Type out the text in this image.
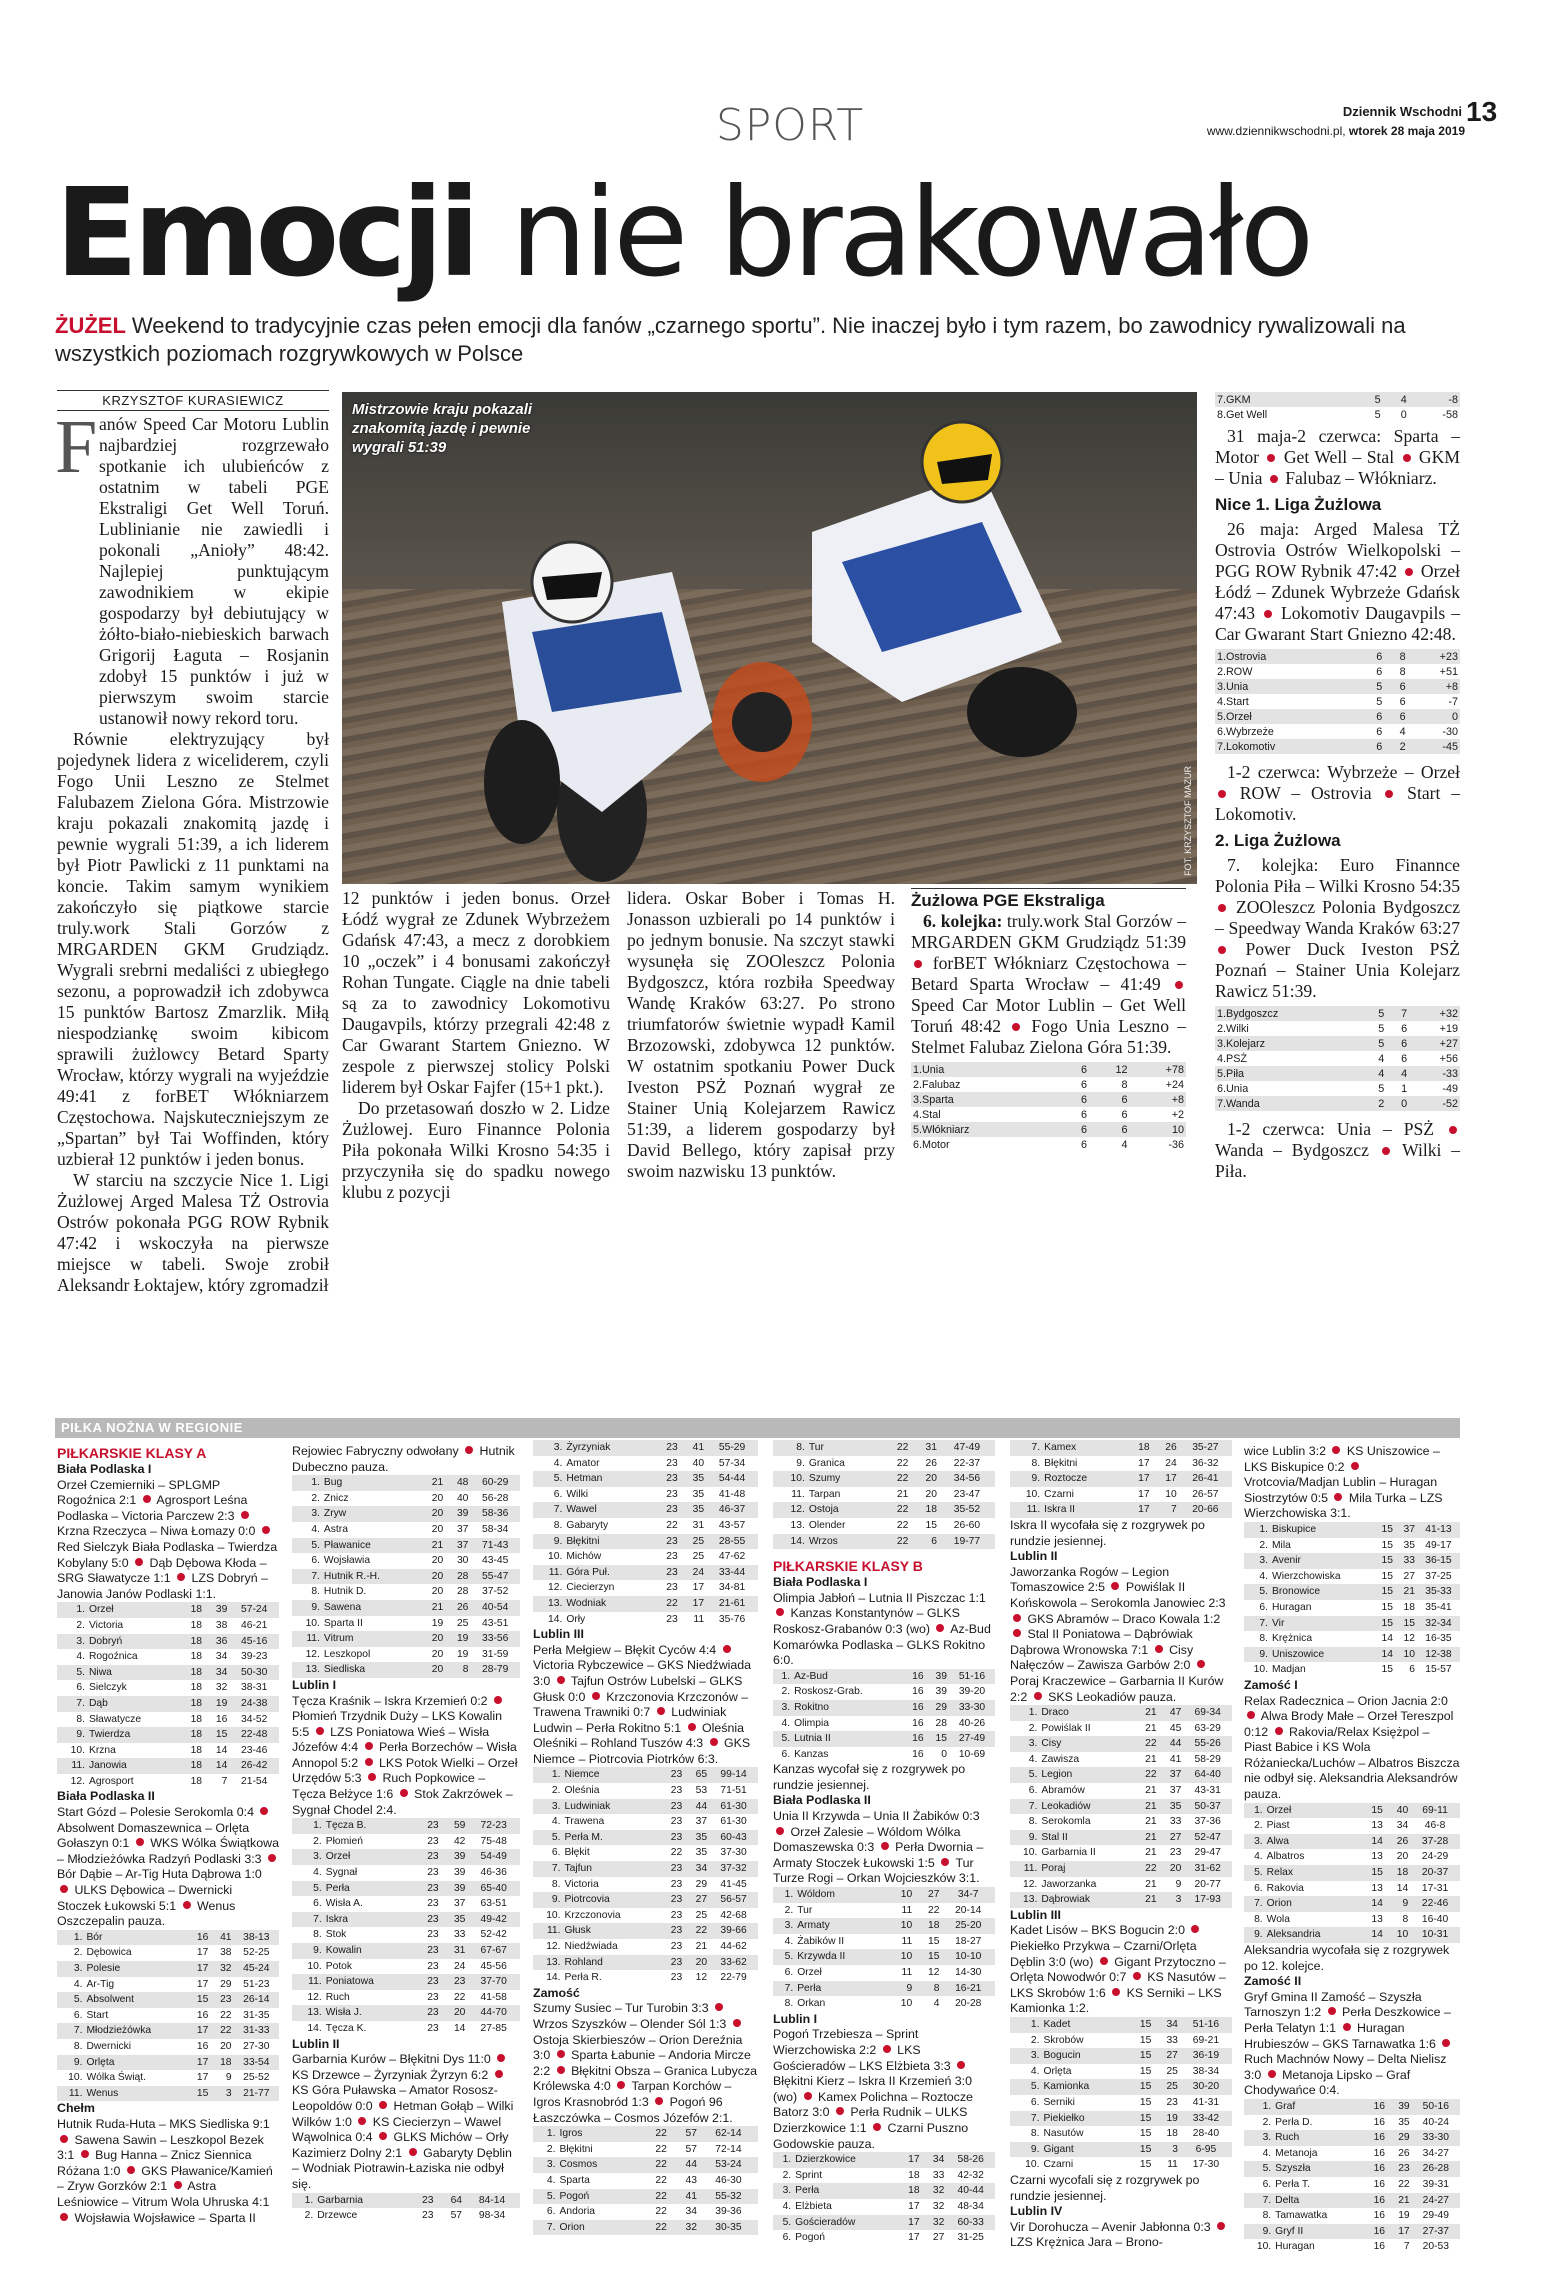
SPORT	Dziennik Wschodni 13
www.dziennikwschodni.pl, wtorek 28 maja 2019
Emocji nie brakowało
ŻUŻEL Weekend to tradycyjnie czas pełen emocji dla fanów „czarnego sportu”. Nie inaczej było i tym razem, bo zawodnicy rywalizowali na wszystkich poziomach rozgrywkowych w Polsce
KRZYSZTOF KURASIEWICZ
F anów Speed Car Motoru Lublin najbardziej rozgrzewało spotkanie ich ulubieńców z ostatnim w tabeli PGE Ekstraligi Get Well Toruń. Lublinianie nie zawiedli i pokonali „Anioły” 48:42. Najlepiej punktującym zawodnikiem w ekipie gospodarzy był debiutujący w żółto-biało-niebieskich barwach Grigorij Łaguta – Rosjanin zdobył 15 punktów i już w pierwszym swoim starcie ustanowił nowy rekord toru.

Równie elektryzujący był pojedynek lidera z wiceliderem, czyli Fogo Unii Leszno ze Stelmet Falubazem Zielona Góra. Mistrzowie kraju pokazali znakomitą jazdę i pewnie wygrali 51:39, a ich liderem był Piotr Pawlicki z 11 punktami na koncie. Takim samym wynikiem zakończyło się piątkowe starcie truly.work Stali Gorzów z MRGARDEN GKM Grudziądz. Wygrali srebrni medaliści z ubiegłego sezonu, a poprowadził ich zdobywca 15 punktów Bartosz Zmarzlik. Miłą niespodziankę swoim kibicom sprawili żużlowcy Betard Sparty Wrocław, którzy wygrali na wyjeździe 49:41 z forBET Włókniarzem Częstochowa. Najskuteczniejszym ze „Spartan” był Tai Woffinden, który uzbierał 12 punktów i jeden bonus.

W starciu na szczycie Nice 1. Ligi Żużlowej Arged Malesa TŻ Ostrovia Ostrów pokonała PGG ROW Rybnik 47:42 i wskoczyła na pierwsze miejsce w tabeli. Swoje zrobił Aleksandr Łoktajew, który zgromadził

Mistrzowie kraju pokazali znakomitą jazdę i pewnie wygrali 51:39
FOT. KRZYSZTOF MAZUR

12 punktów i jeden bonus. Orzeł Łódź wygrał ze Zdunek Wybrzeżem Gdańsk 47:43, a mecz z dorobkiem 10 „oczek” i 4 bonusami zakończył Rohan Tungate. Ciągle na dnie tabeli są za to zawodnicy Lokomotivu Daugavpils, którzy przegrali 42:48 z Car Gwarant Startem Gniezno. W zespole z pierwszej stolicy Polski liderem był Oskar Fajfer (15+1 pkt.).

Do przetasowań doszło w 2. Lidze Żużlowej. Euro Finannce Polonia Piła pokonała Wilki Krosno 54:35 i przyczyniła się do spadku nowego klubu z pozycji

lidera. Oskar Bober i Tomas H. Jonasson uzbierali po 14 punktów i po jednym bonusie. Na szczyt stawki wysunęła się ZOOleszcz Polonia Bydgoszcz, która rozbiła Speedway Wandę Kraków 63:27. Po strono triumfatorów świetnie wypadł Kamil Brzozowski, zdobywca 12 punktów. W ostatnim spotkaniu Power Duck Iveston PSŻ Poznań wygrał ze Stainer Unią Kolejarzem Rawicz 51:39, a liderem gospodarzy był David Bellego, który zapisał przy swoim nazwisku 13 punktów.

Żużlowa PGE Ekstraliga
6. kolejka: truly.work Stal Gorzów – MRGARDEN GKM Grudziądz 51:39  forBET Włókniarz Częstochowa – Betard Sparta Wrocław – 41:49  Speed Car Motor Lublin – Get Well Toruń 48:42  Fogo Unia Leszno – Stelmet Falubaz Zielona Góra 51:39.
1.Unia	6	12	+78
2.Falubaz	6	8	+24
3.Sparta	6	6	+8
4.Stal	6	6	+2
5.Włókniarz	6	6	10
6.Motor	6	4	-36
7.GKM	5	4	-8
8.Get Well	5	0	-58
31 maja-2 czerwca: Sparta – Motor  Get Well – Stal  GKM – Unia  Falubaz – Włókniarz.
Nice 1. Liga Żużlowa
26 maja: Arged Malesa TŻ Ostrovia Ostrów Wielkopolski – PGG ROW Rybnik 47:42  Orzeł Łódź – Zdunek Wybrzeże Gdańsk 47:43  Lokomotiv Daugavpils – Car Gwarant Start Gniezno 42:48.
1.Ostrovia	6	8	+23
2.ROW	6	8	+51
3.Unia	5	6	+8
4.Start	5	6	-7
5.Orzeł	6	6	0
6.Wybrzeże	6	4	-30
7.Lokomotiv	6	2	-45
1-2 czerwca: Wybrzeże – Orzeł  ROW – Ostrovia  Start – Lokomotiv.
2. Liga Żużlowa
7. kolejka: Euro Finannce Polonia Piła – Wilki Krosno 54:35  ZOOleszcz Polonia Bydgoszcz – Speedway Wanda Kraków 63:27  Power Duck Iveston PSŻ Poznań – Stainer Unia Kolejarz Rawicz 51:39.
1.Bydgoszcz	5	7	+32
2.Wilki	5	6	+19
3.Kolejarz	5	6	+27
4.PSŻ	4	6	+56
5.Piła	4	4	-33
6.Unia	5	1	-49
7.Wanda	2	0	-52
1-2 czerwca: Unia – PSŻ  Wanda – Bydgoszcz  Wilki – Piła.
PIŁKA NOŻNA W REGIONIE
PIŁKARSKIE KLASY A
Biała Podlaska I
Orzeł Czemierniki – SPLGMP Rogoźnica 2:1  Agrosport Leśna Podlaska – Victoria Parczew 2:3  Krzna Rzeczyca – Niwa Łomazy 0:0  Red Sielczyk Biała Podlaska – Twierdza Kobylany 5:0  Dąb Dębowa Kłoda – SRG Sławatycze 1:1  LZS Dobryń – Janowia Janów Podlaski 1:1.
1.	Orzeł	18	39	57-24
2.	Victoria	18	38	46-21
3.	Dobryń	18	36	45-16
4.	Rogoźnica	18	34	39-23
5.	Niwa	18	34	50-30
6.	Sielczyk	18	32	38-31
7.	Dąb	18	19	24-38
8.	Sławatycze	18	16	34-52
9.	Twierdza	18	15	22-48
10.	Krzna	18	14	23-46
11.	Janowia	18	14	26-42
12.	Agrosport	18	7	21-54
Biała Podlaska II
Start Gózd – Polesie Serokomla 0:4  Absolwent Domaszewnica – Orlęta Gołaszyn 0:1  WKS Wólka Świątkowa – Młodzieżówka Radzyń Podlaski 3:3  Bór Dąbie – Ar-Tig Huta Dąbrowa 1:0  ULKS Dębowica – Dwernicki Stoczek Łukowski 5:1  Wenus Oszczepalin pauza.
1.	Bór	16	41	38-13
2.	Dębowica	17	38	52-25
3.	Polesie	17	32	45-24
4.	Ar-Tig	17	29	51-23
5.	Absolwent	15	23	26-14
6.	Start	16	22	31-35
7.	Młodzieżówka	17	22	31-33
8.	Dwernicki	16	20	27-30
9.	Orlęta	17	18	33-54
10.	Wólka Świąt.	17	9	25-52
11.	Wenus	15	3	21-77
Chełm
Hutnik Ruda-Huta – MKS Siedliska 9:1  Sawena Sawin – Leszkopol Bezek 3:1  Bug Hanna – Znicz Siennica Różana 1:0  GKS Pławanice/Kamień – Zryw Gorzków 2:1  Astra Leśniowice – Vitrum Wola Uhruska 4:1  Wojsławia Wojsławice – Sparta II
Rejowiec Fabryczny odwołany  Hutnik Dubeczno pauza.
1.	Bug	21	48	60-29
2.	Znicz	20	40	56-28
3.	Zryw	20	39	58-36
4.	Astra	20	37	58-34
5.	Pławanice	21	37	71-43
6.	Wojsławia	20	30	43-45
7.	Hutnik R.-H.	20	28	55-47
8.	Hutnik D.	20	28	37-52
9.	Sawena	21	26	40-54
10.	Sparta II	19	25	43-51
11.	Vitrum	20	19	33-56
12.	Leszkopol	20	19	31-59
13.	Siedliska	20	8	28-79
Lublin I
Tęcza Kraśnik – Iskra Krzemień 0:2  Płomień Trzydnik Duży – LKS Kowalin 5:5  LZS Poniatowa Wieś – Wisła Józefów 4:4  Perła Borzechów – Wisła Annopol 5:2  LKS Potok Wielki – Orzeł Urzędów 5:3  Ruch Popkowice – Tęcza Bełżyce 1:6  Stok Zakrzówek – Sygnał Chodel 2:4.
1.	Tęcza B.	23	59	72-23
2.	Płomień	23	42	75-48
3.	Orzeł	23	39	54-49
4.	Sygnał	23	39	46-36
5.	Perła	23	39	65-40
6.	Wisła A.	23	37	63-51
7.	Iskra	23	35	49-42
8.	Stok	23	33	52-42
9.	Kowalin	23	31	67-67
10.	Potok	23	24	45-56
11.	Poniatowa	23	23	37-70
12.	Ruch	23	22	41-58
13.	Wisła J.	23	20	44-70
14.	Tęcza K.	23	14	27-85
Lublin II
Garbarnia Kurów – Błękitni Dys 11:0  KS Drzewce – Żyrzyniak Żyrzyn 6:2  KS Góra Puławska – Amator Rososz-Leopoldów 0:0  Hetman Gołąb – Wilki Wilków 1:0  KS Ciecierzyn – Wawel Wąwolnica 0:4  GLKS Michów – Orły Kazimierz Dolny 2:1  Gabaryty Dęblin – Wodniak Piotrawin-Łaziska nie odbył się.
1.	Garbarnia	23	64	84-14
2.	Drzewce	23	57	98-34
3.	Żyrzyniak	23	41	55-29
4.	Amator	23	40	57-34
5.	Hetman	23	35	54-44
6.	Wilki	23	35	41-48
7.	Wawel	23	35	46-37
8.	Gabaryty	22	31	43-57
9.	Błękitni	23	25	28-55
10.	Michów	23	25	47-62
11.	Góra Puł.	23	24	33-44
12.	Ciecierzyn	23	17	34-81
13.	Wodniak	22	17	21-61
14.	Orły	23	11	35-76
Lublin III
Perła Mełgiew – Błękit Cyców 4:4  Victoria Rybczewice – GKS Niedźwiada 3:0  Tajfun Ostrów Lubelski – GLKS Głusk 0:0  Krzczonovia Krzczonów – Trawena Trawniki 0:7  Ludwiniak Ludwin – Perła Rokitno 5:1  Oleśnia Oleśniki – Rohland Tuszów 4:3  GKS Niemce – Piotrcovia Piotrków 6:3.
1.	Niemce	23	65	99-14
2.	Oleśnia	23	53	71-51
3.	Ludwiniak	23	44	61-30
4.	Trawena	23	37	61-30
5.	Perła M.	23	35	60-43
6.	Błękit	22	35	37-30
7.	Tajfun	23	34	37-32
8.	Victoria	23	29	41-45
9.	Piotrcovia	23	27	56-57
10.	Krzczonovia	23	25	42-68
11.	Głusk	23	22	39-66
12.	Niedźwiada	23	21	44-62
13.	Rohland	23	20	33-62
14.	Perła R.	23	12	22-79
Zamość
Szumy Susiec – Tur Turobin 3:3  Wrzos Szyszków – Olender Sól 1:3  Ostoja Skierbieszów – Orion Dereźnia 3:0  Sparta Łabunie – Andoria Mircze 2:2  Błękitni Obsza – Granica Lubycza Królewska 4:0  Tarpan Korchów – Igros Krasnobród 1:3  Pogoń 96 Łaszczówka – Cosmos Józefów 2:1.
1.	Igros	22	57	62-14
2.	Błękitni	22	57	72-14
3.	Cosmos	22	44	53-24
4.	Sparta	22	43	46-30
5.	Pogoń	22	41	55-32
6.	Andoria	22	34	39-36
7.	Orion	22	32	30-35
8.	Tur	22	31	47-49
9.	Granica	22	26	22-37
10.	Szumy	22	20	34-56
11.	Tarpan	21	20	23-47
12.	Ostoja	22	18	35-52
13.	Olender	22	15	26-60
14.	Wrzos	22	6	19-77
PIŁKARSKIE KLASY B
Biała Podlaska I
Olimpia Jabłoń – Lutnia II Piszczac 1:1  Kanzas Konstantynów – GLKS Roskosz-Grabanów 0:3 (wo)  Az-Bud Komarówka Podlaska – GLKS Rokitno 6:0.
1.	Az-Bud	16	39	51-16
2.	Roskosz-Grab.	16	39	39-20
3.	Rokitno	16	29	33-30
4.	Olimpia	16	28	40-26
5.	Lutnia II	16	15	27-49
6.	Kanzas	16	0	10-69
Kanzas wycofał się z rozgrywek po rundzie jesiennej.
Biała Podlaska II
Unia II Krzywda – Unia II Żabików 0:3  Orzeł Zalesie – Wóldom Wólka Domaszewska 0:3  Perła Dwornia – Armaty Stoczek Łukowski 1:5  Tur Turze Rogi – Orkan Wojcieszków 3:1.
1.	Wóldom	10	27	34-7
2.	Tur	11	22	20-14
3.	Armaty	10	18	25-20
4.	Żabików II	11	15	18-27
5.	Krzywda II	10	15	10-10
6.	Orzeł	11	12	14-30
7.	Perła	9	8	16-21
8.	Orkan	10	4	20-28
Lublin I
Pogoń Trzebiesza – Sprint Wierzchowiska 2:2  LKS Gościeradów – LKS Elżbieta 3:3  Błękitni Kierz – Iskra II Krzemień 3:0 (wo)  Kamex Polichna – Roztocze Batorz 3:0  Perła Rudnik – ULKS Dzierzkowice 1:1  Czarni Puszno Godowskie pauza.
1.	Dzierzkowice	17	34	58-26
2.	Sprint	18	33	42-32
3.	Perła	18	32	40-44
4.	Elżbieta	17	32	48-34
5.	Gościeradów	17	32	60-33
6.	Pogoń	17	27	31-25
7.	Kamex	18	26	35-27
8.	Błękitni	17	24	36-32
9.	Roztocze	17	17	26-41
10.	Czarni	17	10	26-57
11.	Iskra II	17	7	20-66
Iskra II wycofała się z rozgrywek po rundzie jesiennej.
Lublin II
Jaworzanka Rogów – Legion Tomaszowice 2:5  Powiślak II Końskowola – Serokomla Janowiec 2:3  GKS Abramów – Draco Kowala 1:2  Stal II Poniatowa – Dąbrówiak Dąbrowa Wronowska 7:1  Cisy Nałęczów – Zawisza Garbów 2:0  Poraj Kraczewice – Garbarnia II Kurów 2:2  SKS Leokadiów pauza.
1.	Draco	21	47	69-34
2.	Powiślak II	21	45	63-29
3.	Cisy	22	44	55-26
4.	Zawisza	21	41	58-29
5.	Legion	22	37	64-40
6.	Abramów	21	37	43-31
7.	Leokadiów	21	35	50-37
8.	Serokomla	21	33	37-36
9.	Stal II	21	27	52-47
10.	Garbarnia II	21	23	29-47
11.	Poraj	22	20	31-62
12.	Jaworzanka	21	9	20-77
13.	Dąbrowiak	21	3	17-93
Lublin III
Kadet Lisów – BKS Bogucin 2:0  Piekiełko Przykwa – Czarni/Orlęta Dęblin 3:0 (wo)  Gigant Przytoczno – Orlęta Nowodwór 0:7  KS Nasutów – LKS Skrobów 1:6  KS Serniki – LKS Kamionka 1:2.
1.	Kadet	15	34	51-16
2.	Skrobów	15	33	69-21
3.	Bogucin	15	27	36-19
4.	Orlęta	15	25	38-34
5.	Kamionka	15	25	30-20
6.	Serniki	15	23	41-31
7.	Piekiełko	15	19	33-42
8.	Nasutów	15	18	28-40
9.	Gigant	15	3	6-95
10.	Czarni	15	11	17-30
Czarni wycofali się z rozgrywek po rundzie jesiennej.
Lublin IV
Vir Dorohucza – Avenir Jabłonna 0:3  LZS Krężnica Jara – Brono-
wice Lublin 3:2  KS Uniszowice – LKS Biskupice 0:2  Vrotcovia/Madjan Lublin – Huragan Siostrzytów 0:5  Mila Turka – LZS Wierzchowiska 3:1.
1.	Biskupice	15	37	41-13
2.	Mila	15	35	49-17
3.	Avenir	15	33	36-15
4.	Wierzchowiska	15	27	37-25
5.	Bronowice	15	21	35-33
6.	Huragan	15	18	35-41
7.	Vir	15	15	32-34
8.	Krężnica	14	12	16-35
9.	Uniszowice	14	10	12-38
10.	Madjan	15	6	15-57
Zamość I
Relax Radecznica – Orion Jacnia 2:0  Alwa Brody Małe – Orzeł Tereszpol 0:12  Rakovia/Relax Księżpol – Piast Babice i KS Wola Różaniecka/Luchów – Albatros Biszcza nie odbył się. Aleksandria Aleksandrów pauza.
1.	Orzeł	15	40	69-11
2.	Piast	13	34	46-8
3.	Alwa	14	26	37-28
4.	Albatros	13	20	24-29
5.	Relax	15	18	20-37
6.	Rakovia	13	14	17-31
7.	Orion	14	9	22-46
8.	Wola	13	8	16-40
9.	Aleksandria	14	10	10-31
Aleksandria wycofała się z rozgrywek po 12. kolejce.
Zamość II
Gryf Gmina II Zamość – Szyszła Tarnoszyn 1:2  Perła Deszkowice – Perła Telatyn 1:1  Huragan Hrubieszów – GKS Tarnawatka 1:6  Ruch Machnów Nowy – Delta Nielisz 3:0  Metanoja Lipsko – Graf Chodywańce 0:4.
1.	Graf	16	39	50-16
2.	Perła D.	16	35	40-24
3.	Ruch	16	29	33-30
4.	Metanoja	16	26	34-27
5.	Szyszła	16	23	26-28
6.	Perła T.	16	22	39-31
7.	Delta	16	21	24-27
8.	Tamawatka	16	19	29-49
9.	Gryf II	16	17	27-37
10.	Huragan	16	7	20-53
